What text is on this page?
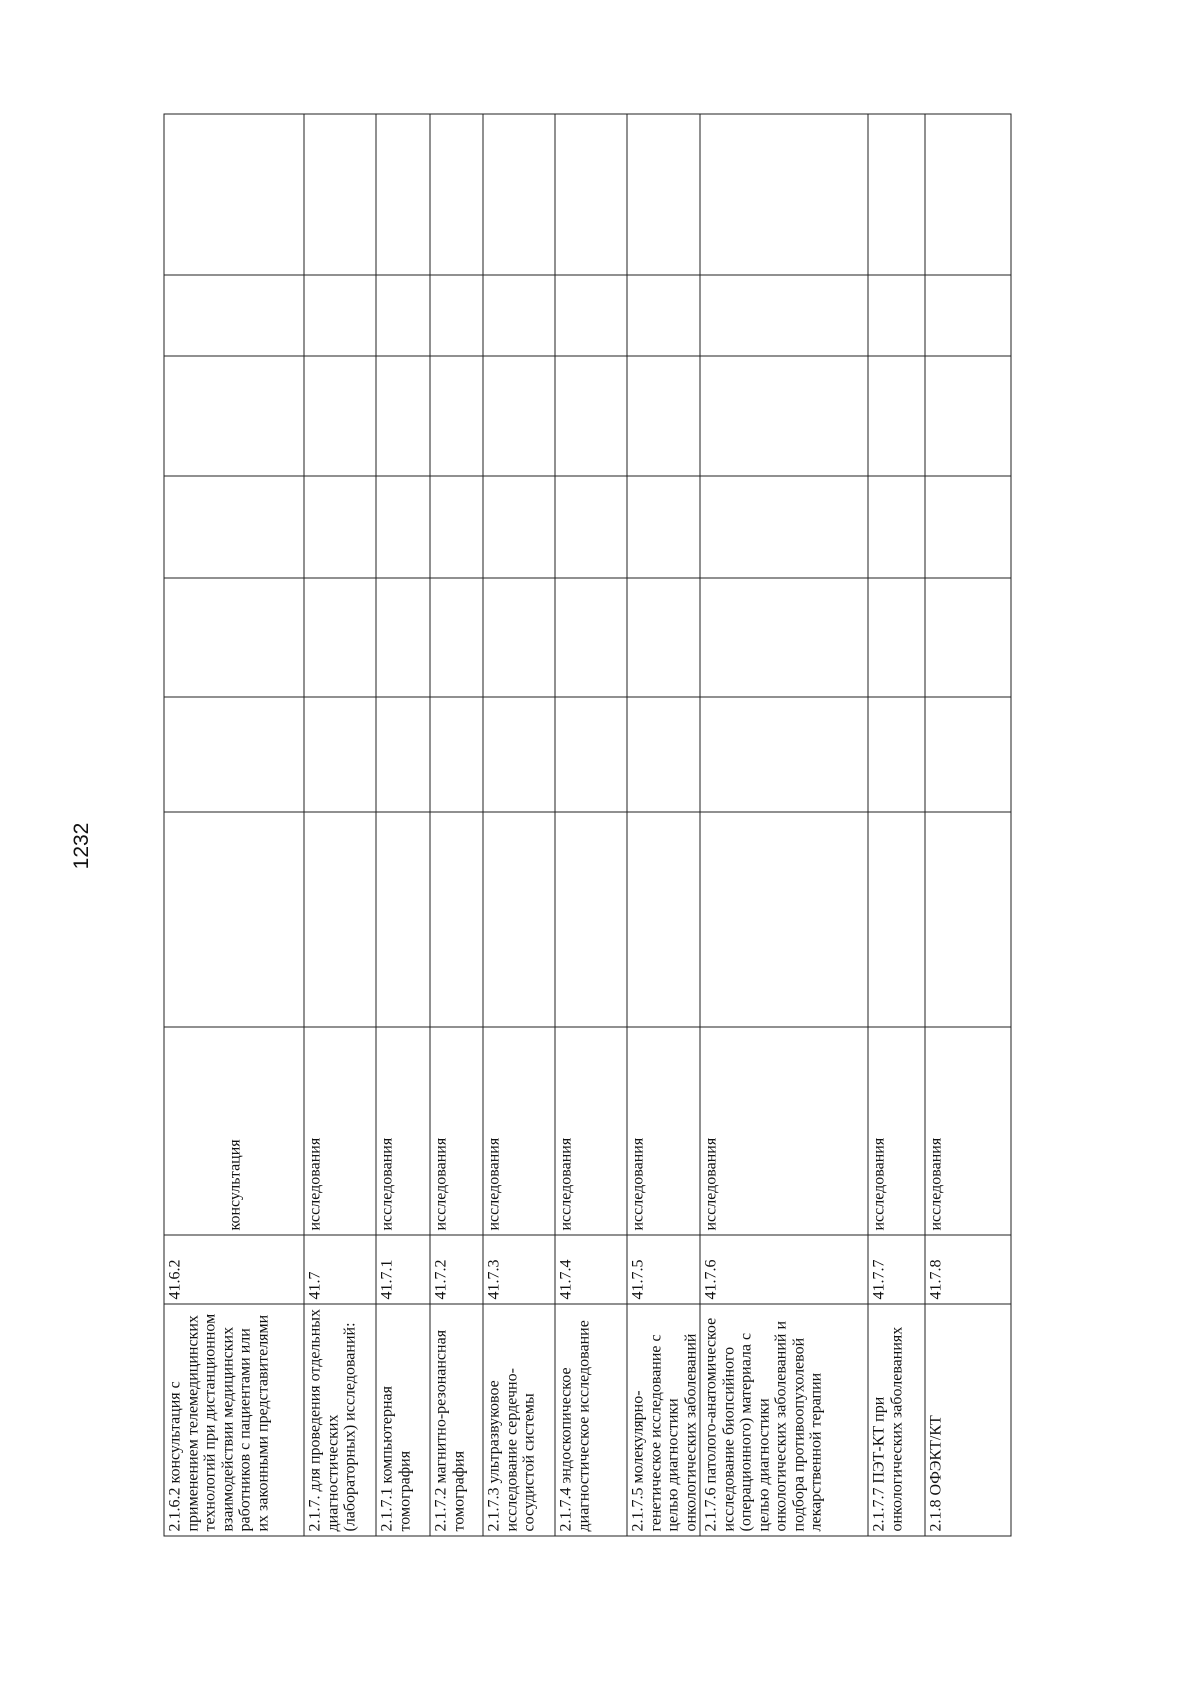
1232
2.1.6.2 консультация с применением телемедицинских технологий при дистанционном взаимодействии медицинских работников с пациентами или их законными представителями	41.6.2	консультация							
2.1.7. для проведения отдельных диагностических (лабораторных) исследований:	41.7	исследования							
2.1.7.1 компьютерная томография	41.7.1	исследования							
2.1.7.2 магнитно-резонансная томография	41.7.2	исследования							
2.1.7.3 ультразвуковое исследование сердечно-сосудистой системы	41.7.3	исследования							
2.1.7.4 эндоскопическое диагностическое исследование	41.7.4	исследования							
2.1.7.5 молекулярно-генетическое исследование с целью диагностики онкологических заболеваний	41.7.5	исследования							
2.1.7.6 патолого-анатомическое исследование биопсийного (операционного) материала с целью диагностики онкологических заболеваний и подбора противоопухолевой лекарственной терапии	41.7.6	исследования							
2.1.7.7 ПЭТ-КТ при онкологических заболеваниях	41.7.7	исследования							
2.1.8 ОФЭКТ/КТ	41.7.8	исследования							
